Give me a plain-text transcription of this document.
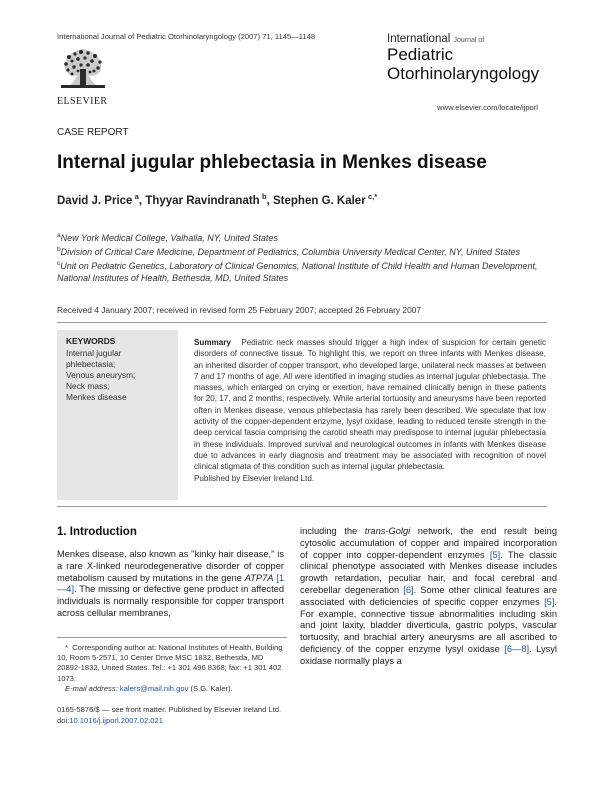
International Journal of Pediatric Otorhinolaryngology (2007) 71, 1145—1148
ELSEVIER
International Journal of
Pediatric
Otorhinolaryngology
www.elsevier.com/locate/ijporl
CASE REPORT
Internal jugular phlebectasia in Menkes disease
David J. Price  $^a$, Thyyar Ravindranath  $^b$, Stephen G. Kaler  $^{c,*}$
$^a$New York Medical College, Valhalla, NY, United States
$^b$Division of Critical Care Medicine, Department of Pediatrics, Columbia University Medical Center, NY, United States
$^c$Unit on Pediatric Genetics, Laboratory of Clinical Genomics, National Institute of Child Health and Human Development, National Institutes of Health, Bethesda, MD, United States
Received 4 January 2007; received in revised form 25 February 2007; accepted 26 February 2007
KEYWORDS
Internal jugular phlebectasia;
Venous aneurysm;
Neck mass;
Menkes disease
Summary Pediatric neck masses should trigger a high index of suspicion for certain genetic disorders of connective tissue. To highlight this, we report on three infants with Menkes disease, an inherited disorder of copper transport, who developed large, unilateral neck masses at between 7 and 17 months of age. All were identified in imaging studies as internal jugular phlebectasia. The masses, which enlarged on crying or exertion, have remained clinically benign in these patients for 20, 17, and 2 months, respectively. While arterial tortuosity and aneurysms have been reported often in Menkes disease, venous phlebectasia has rarely been described. We speculate that low activity of the copper-dependent enzyme, lysyl oxidase, leading to reduced tensile strength in the deep cervical fascia comprising the carotid sheath may predispose to internal jugular phlebectasia in these individuals. Improved survival and neurological outcomes in infants with Menkes disease due to advances in early diagnosis and treatment may be associated with recognition of novel clinical stigmata of this condition such as internal jugular phlebectasia.
Published by Elsevier Ireland Ltd.
1. Introduction
Menkes disease, also known as ''kinky hair disease,'' is a rare X-linked neurodegenerative disorder of copper metabolism caused by mutations in the gene ATP7A [1—4]. The missing or defective gene product in affected individuals is normally responsible for copper transport across cellular membranes,
including the trans-Golgi network, the end result being cytosolic accumulation of copper and impaired incorporation of copper into copper-dependent enzymes [5]. The classic clinical phenotype associated with Menkes disease includes growth retardation, peculiar hair, and focal cerebral and cerebellar degeneration [6]. Some other clinical features are associated with deficiencies of specific copper enzymes [5]. For example, connective tissue abnormalities including skin and joint laxity, bladder diverticula, gastric polyps, vascular tortuosity, and brachial artery aneurysms are all ascribed to deficiency of the copper enzyme lysyl oxidase [6—8]. Lysyl oxidase normally plays a
* Corresponding author at: National Institutes of Health, Building 10, Room 5-2571, 10 Center Drive MSC 1832, Bethesda, MD 20892-1832, United States. Tel.: +1 301 496 8368; fax: +1 301 402 1073.
E-mail address: kalers@mail.nih.gov (S.G. Kaler).
0165-5876/$ — see front matter. Published by Elsevier Ireland Ltd.
doi:10.1016/j.ijporl.2007.02.021
